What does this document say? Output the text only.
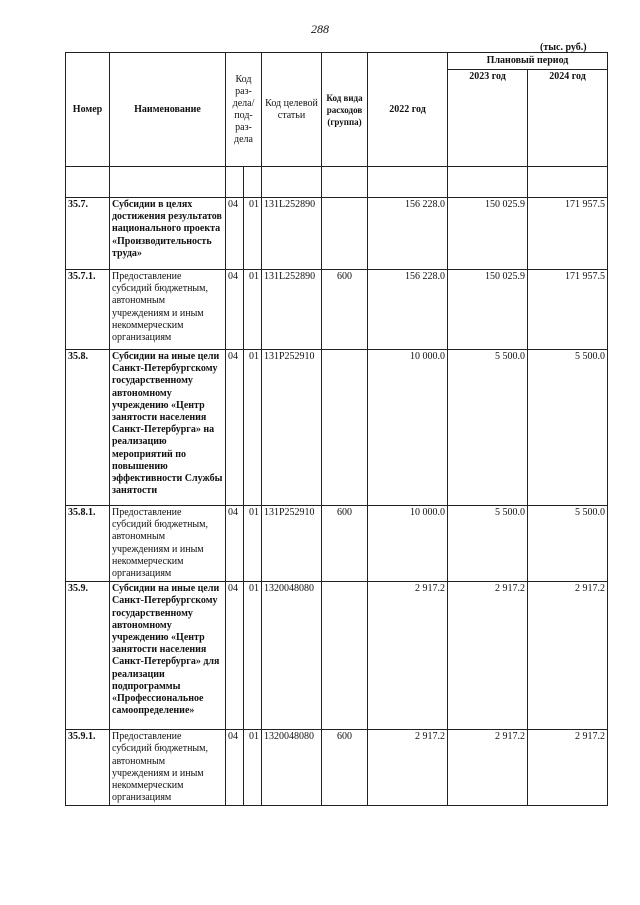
288
(тыс. руб.)
Номер	Наименование	Код раз-дела/ под-раз-дела		Код целевой статьи	Код вида расходов (группа)	2022 год	Плановый период	
							2023 год	2024 год

35.7.	Субсидии в целях достижения результатов национального проекта «Производительность труда»	04	01	131L252890		156 228.0	150 025.9	171 957.5
35.7.1.	Предоставление субсидий бюджетным, автономным учреждениям и иным некоммерческим организациям	04	01	131L252890	600	156 228.0	150 025.9	171 957.5
35.8.	Субсидии на иные цели Санкт-Петербургскому государственному автономному учреждению «Центр занятости населения Санкт-Петербурга» на реализацию мероприятий по повышению эффективности Службы занятости	04	01	131P252910		10 000.0	5 500.0	5 500.0
35.8.1.	Предоставление субсидий бюджетным, автономным учреждениям и иным некоммерческим организациям	04	01	131P252910	600	10 000.0	5 500.0	5 500.0
35.9.	Субсидии на иные цели Санкт-Петербургскому государственному автономному учреждению «Центр занятости населения Санкт-Петербурга» для реализации подпрограммы «Профессиональное самоопределение»	04	01	1320048080		2 917.2	2 917.2	2 917.2
35.9.1.	Предоставление субсидий бюджетным, автономным учреждениям и иным некоммерческим организациям	04	01	1320048080	600	2 917.2	2 917.2	2 917.2
